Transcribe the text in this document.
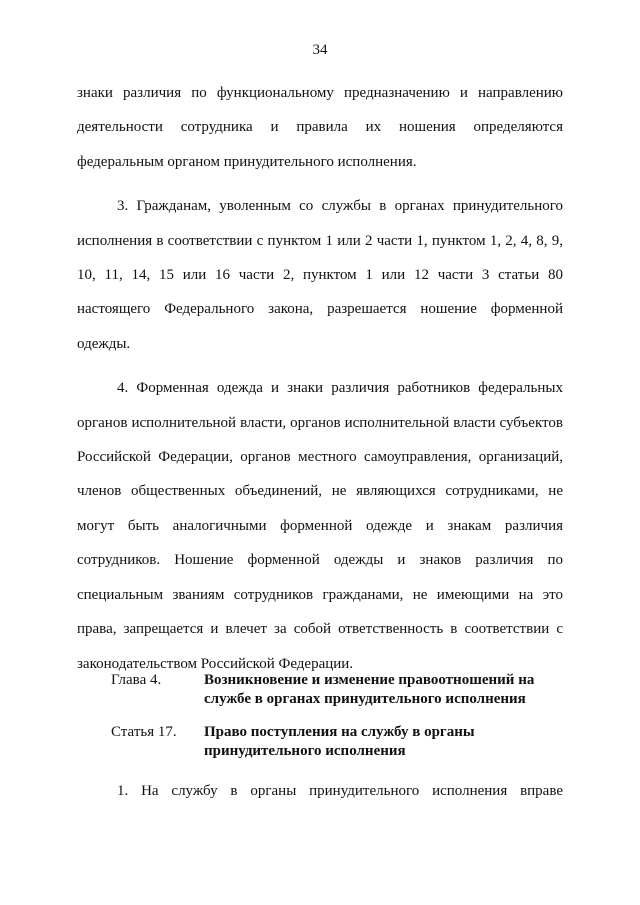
34

знаки различия по функциональному предназначению и направлению деятельности сотрудника и правила их ношения определяются федеральным органом принудительного исполнения.

3. Гражданам, уволенным со службы в органах принудительного исполнения в соответствии с пунктом 1 или 2 части 1, пунктом 1, 2, 4, 8, 9, 10, 11, 14, 15 или 16 части 2, пунктом 1 или 12 части 3 статьи 80 настоящего Федерального закона, разрешается ношение форменной одежды.

4. Форменная одежда и знаки различия работников федеральных органов исполнительной власти, органов исполнительной власти субъектов Российской Федерации, органов местного самоуправления, организаций, членов общественных объединений, не являющихся сотрудниками, не могут быть аналогичными форменной одежде и знакам различия сотрудников. Ношение форменной одежды и знаков различия по специальным званиям сотрудников гражданами, не имеющими на это права, запрещается и влечет за собой ответственность в соответствии с законодательством Российской Федерации.

Глава 4.	Возникновение и изменение правоотношений на службе в органах принудительного исполнения
Статья 17. Право поступления на службу в органы принудительного исполнения
1. На службу в органы принудительного исполнения вправе
